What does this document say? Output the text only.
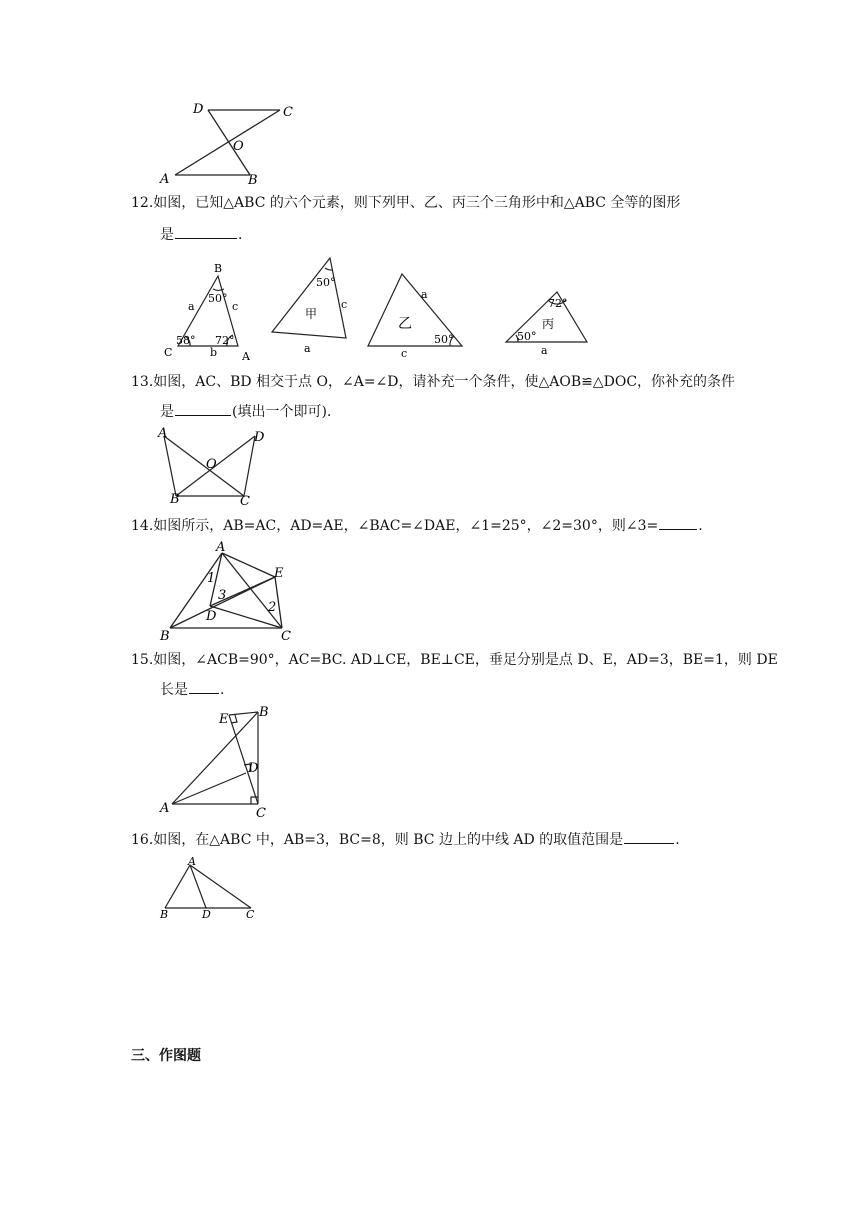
D	C
O
A	B
12.如图，已知△ABC 的六个元素，则下列甲、乙、丙三个三角形中和△ABC 全等的图形
是	.
B
C	A
a	c
b
50°
58° 72°
50°
甲
c
a
a
乙
50°
c
72°
丙
50°
a
13.如图，AC、BD 相交于点 O，∠A=∠D，请补充一个条件，使△AOB≌△DOC，你补充的条件
是	(填出一个即可).
A	D
O
B	C
14.如图所示，AB=AC，AD=AE，∠BAC=∠DAE，∠1=25°，∠2=30°，则∠3=	.
A
E
1
3
2
D
B	C
15.如图，∠ACB=90°，AC=BC. AD⊥CE，BE⊥CE，垂足分别是点 D、E，AD=3，BE=1，则 DE
长是 .
E B
D
A	C
16.如图，在△ABC 中，AB=3，BC=8，则 BC 边上的中线 AD 的取值范围是	.
A
B	D	C
三、作图题
